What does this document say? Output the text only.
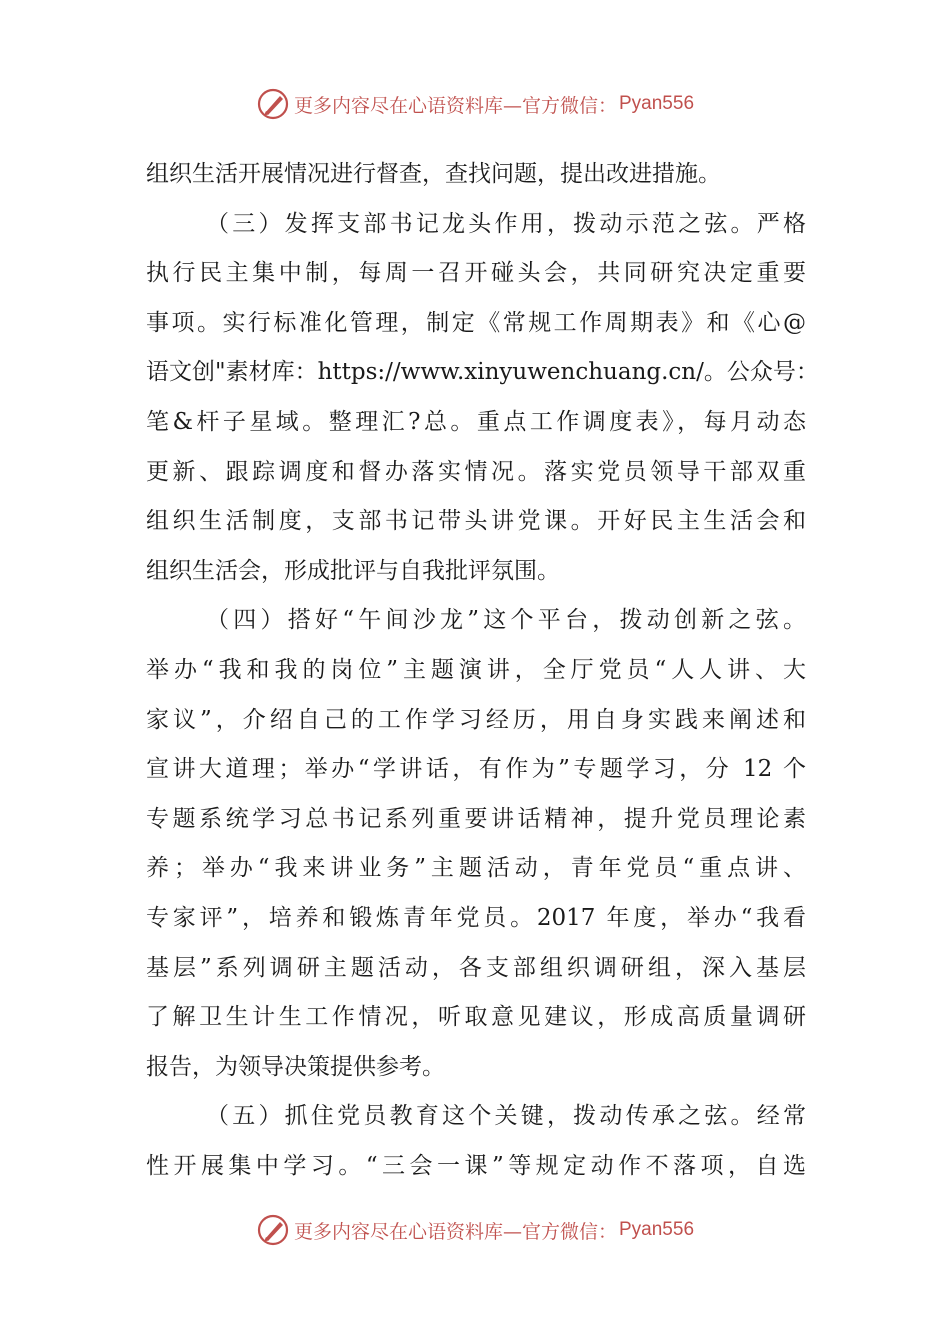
更多内容尽在心语资料库—官方微信： Pyan556
组织生活开展情况进行督查，查找问题，提出改进措施。
（三）发挥支部书记龙头作用，拨动示范之弦。严格
执行民主集中制，每周一召开碰头会，共同研究决定重要
事项。实行标准化管理，制定《常规工作周期表》和《心@
语文创"素材库：https://www.xinyuwenchuang.cn/。公众号：
笔&杆子星域。整理汇?总。重点工作调度表》，每月动态
更新、跟踪调度和督办落实情况。落实党员领导干部双重
组织生活制度，支部书记带头讲党课。开好民主生活会和
组织生活会，形成批评与自我批评氛围。
（四）搭好“午间沙龙”这个平台，拨动创新之弦。
举办“我和我的岗位”主题演讲，全厅党员“人人讲、大
家议”，介绍自己的工作学习经历，用自身实践来阐述和
宣讲大道理；举办“学讲话，有作为”专题学习，分 12 个
专题系统学习总书记系列重要讲话精神，提升党员理论素
养；举办“我来讲业务”主题活动，青年党员“重点讲、
专家评”，培养和锻炼青年党员。2017 年度，举办“我看
基层”系列调研主题活动，各支部组织调研组，深入基层
了解卫生计生工作情况，听取意见建议，形成高质量调研
报告，为领导决策提供参考。
（五）抓住党员教育这个关键，拨动传承之弦。经常
性开展集中学习。“三会一课”等规定动作不落项，自选
更多内容尽在心语资料库—官方微信： Pyan556
